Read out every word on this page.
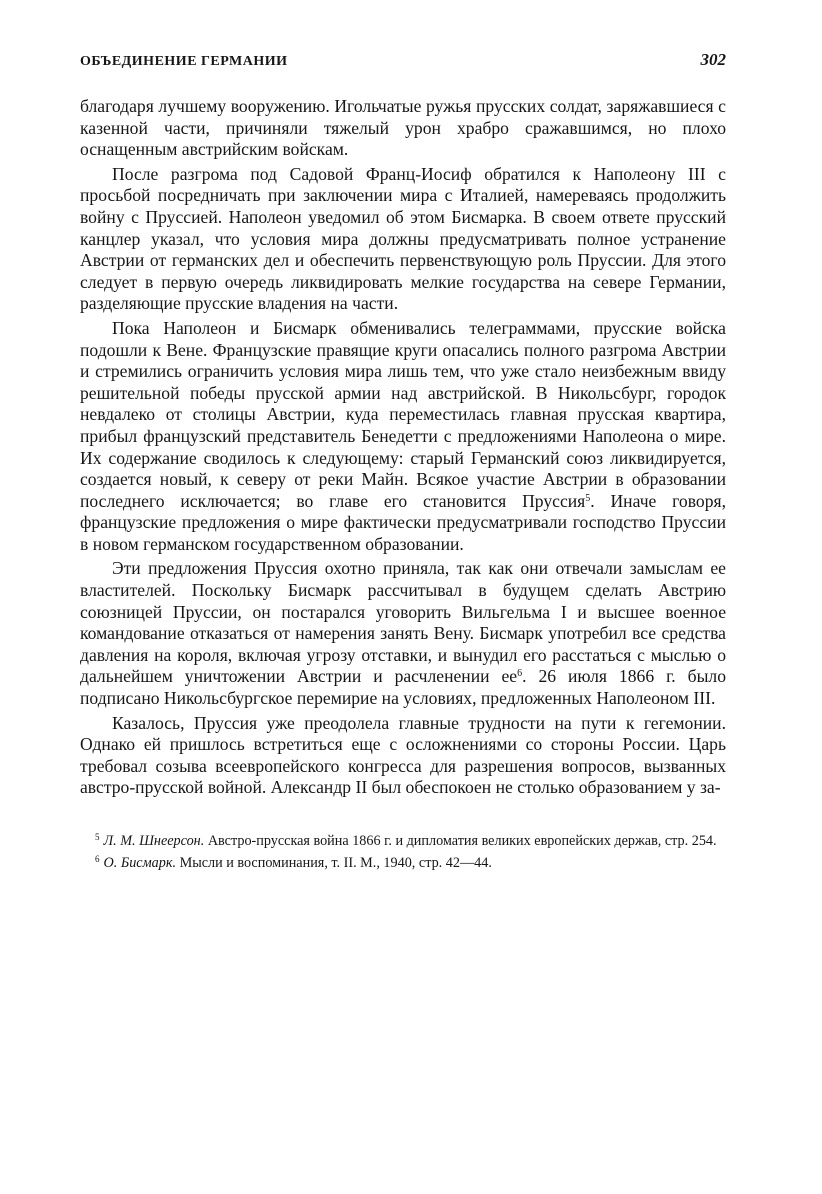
ОБЪЕДИНЕНИЕ ГЕРМАНИИ	302

благодаря лучшему вооружению. Игольчатые ружья прусских солдат, заряжавшиеся с казенной части, причиняли тяжелый урон храбро сражавшимся, но плохо оснащенным австрийским войскам.

После разгрома под Садовой Франц-Иосиф обратился к Наполеону III с просьбой посредничать при заключении мира с Италией, намереваясь продолжить войну с Пруссией. Наполеон уведомил об этом Бисмарка. В своем ответе прусский канцлер указал, что условия мира должны предусматривать полное устранение Австрии от германских дел и обеспечить первенствующую роль Пруссии. Для этого следует в первую очередь ликвидировать мелкие государства на севере Германии, разделяющие прусские владения на части.

Пока Наполеон и Бисмарк обменивались телеграммами, прусские войска подошли к Вене. Французские правящие круги опасались полного разгрома Австрии и стремились ограничить условия мира лишь тем, что уже стало неизбежным ввиду решительной победы прусской армии над австрийской. В Никольсбург, городок невдалеко от столицы Австрии, куда переместилась главная прусская квартира, прибыл французский представитель Бенедетти с предложениями Наполеона о мире. Их содержание сводилось к следующему: старый Германский союз ликвидируется, создается новый, к северу от реки Майн. Всякое участие Австрии в образовании последнего исключается; во главе его становится Пруссия$^5$. Иначе говоря, французские предложения о мире фактически предусматривали господство Пруссии в новом германском государственном образовании.

Эти предложения Пруссия охотно приняла, так как они отвечали замыслам ее властителей. Поскольку Бисмарк рассчитывал в будущем сделать Австрию союзницей Пруссии, он постарался уговорить Вильгельма I и высшее военное командование отказаться от намерения занять Вену. Бисмарк употребил все средства давления на короля, включая угрозу отставки, и вынудил его расстаться с мыслью о дальнейшем уничтожении Австрии и расчленении $ее^6$. 26 июля 1866 г. было подписано Никольсбургское перемирие на условиях, предложенных Наполеоном III.

Казалось, Пруссия уже преодолела главные трудности на пути к гегемонии. Однако ей пришлось встретиться еще с осложнениями со стороны России. Царь требовал созыва всеевропейского конгресса для разрешения вопросов, вызванных австро-прусской войной. Александр II был обеспокоен не столько образованием у за-

$^5$ Л. М. Шнеерсон. Австро-прусская война 1866 г. и дипломатия великих европейских держав, стр. 254.
$^6$ О. Бисмарк. Мысли и воспоминания, т. II. М., 1940, стр. 42—44.
